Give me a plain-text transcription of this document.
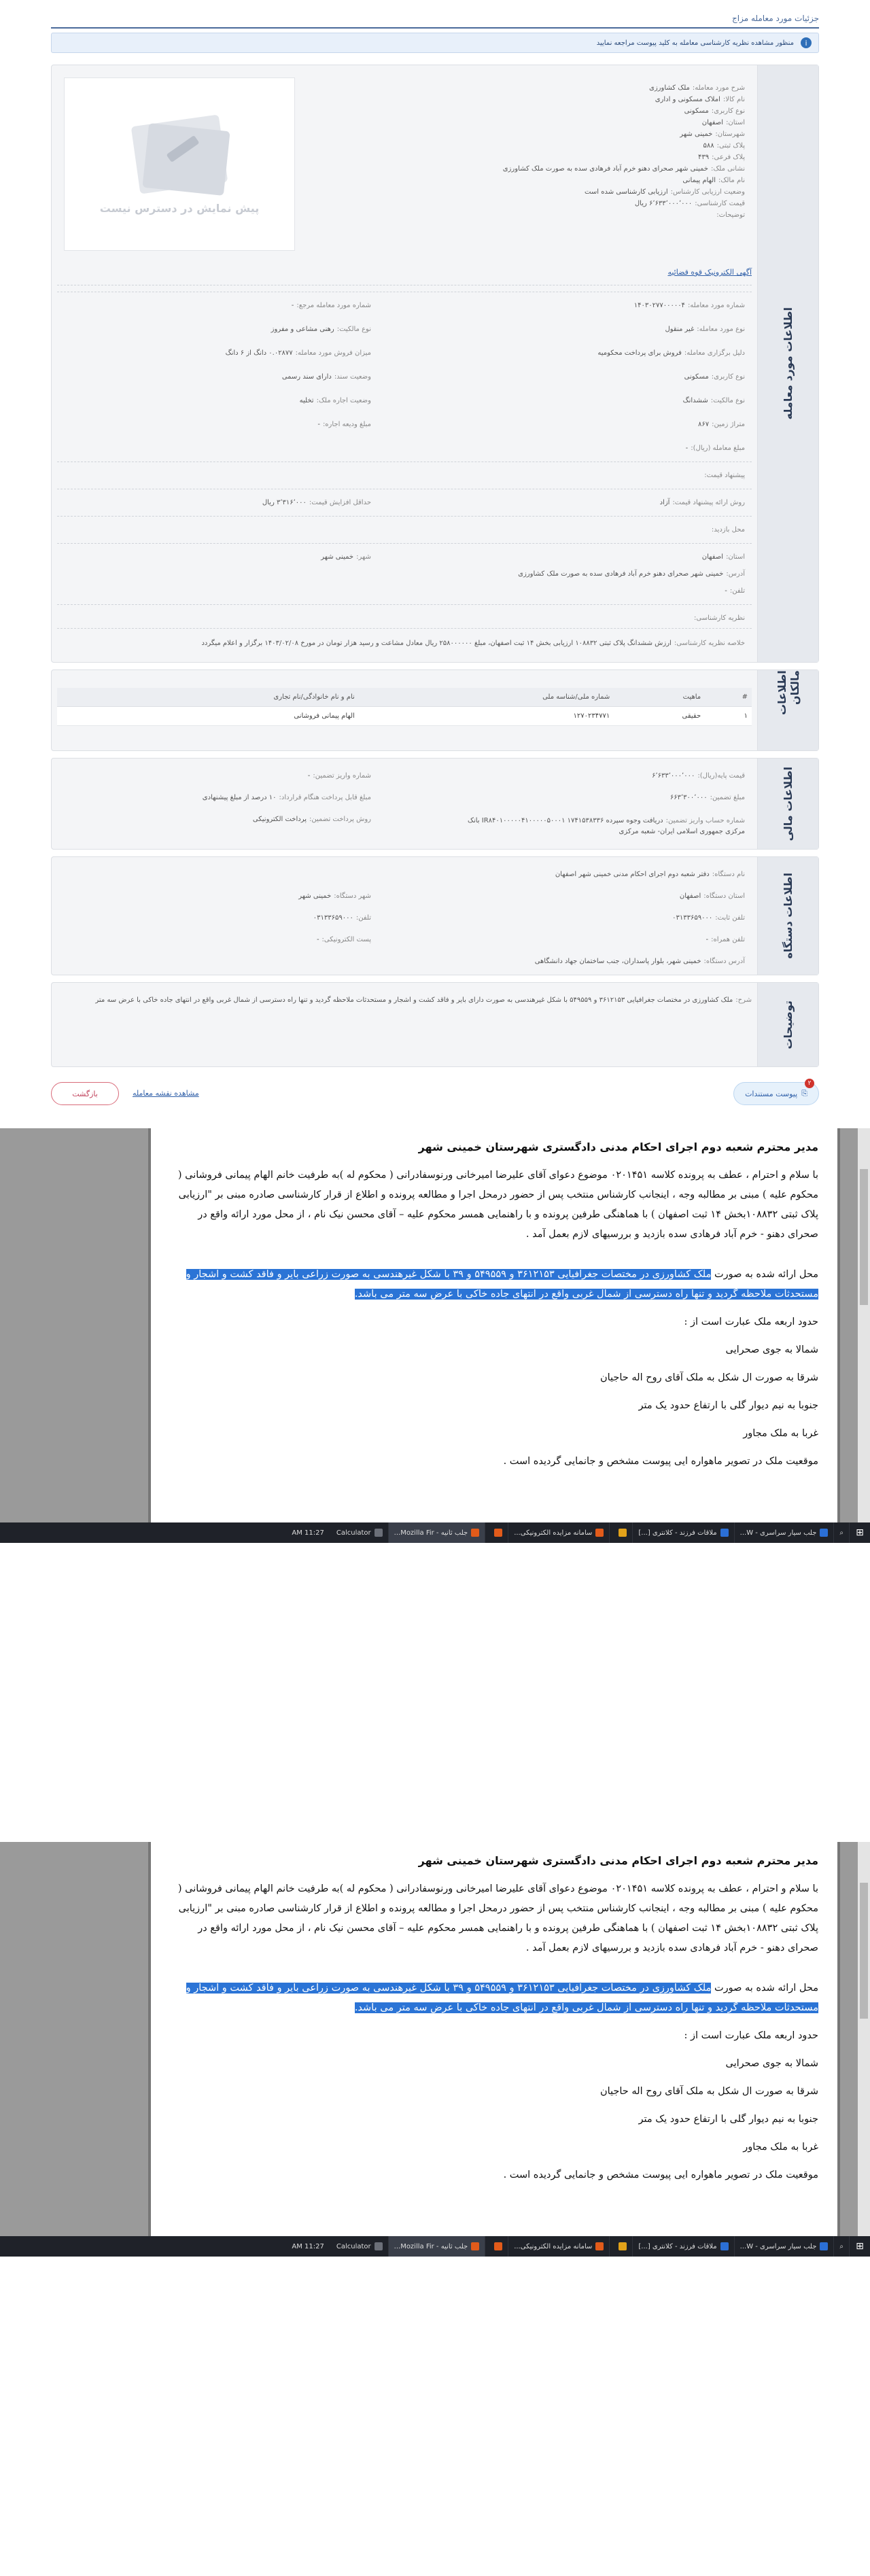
جزئیات مورد معامله مزاج
i
منظور مشاهده نظریه کارشناسی معامله به کلید پیوست مراجعه نمایید
اطلاعات مورد معامله
پیش نمایش در دسترس نیست
شرح مورد معامله:ملک کشاورزی
نام کالا:املاک مسکونی و اداری
نوع کاربری:مسکونی
استان:اصفهان
شهرستان:خمینی شهر
پلاک ثبتی:۵۸۸
پلاک فرعی:۴۳۹
نشانی ملک:خمینی شهر صحرای دهنو خرم آباد فرهادی سده به صورت ملک کشاورزی
نام مالک:الهام پیمانی
وضعیت ارزیابی کارشناس:ارزیابی کارشناسی شده است
قیمت کارشناسی:۶٬۶۳۳٬۰۰۰٬۰۰۰ ریال
توضیحات:
آگهی الکترونیک قوه قضائیه
شماره مورد معامله:۱۴۰۳۰۲۷۷۰۰۰۰۰۴
شماره مورد معامله مرجع:-
نوع مورد معامله:غیر منقول
نوع مالکیت:رهنی مشاعی و مفروز
دلیل برگزاری معامله:فروش برای پرداخت محکومیه
میزان فروش مورد معامله:۰.۰۲۸۷۷ دانگ از ۶ دانگ
نوع کاربری:مسکونی
وضعیت سند:دارای سند رسمی
نوع مالکیت:ششدانگ
وضعیت اجاره ملک:تخلیه
متراژ زمین:۸۶۷
مبلغ ودیعه اجاره:-
مبلغ معامله (ریال):-
پیشنهاد قیمت:
روش ارائه پیشنهاد قیمت:آزاد
حداقل افزایش قیمت:۳٬۳۱۶٬۰۰۰ ریال
محل بازدید:
استان:اصفهان
شهر:خمینی شهر
آدرس:خمینی شهر صحرای دهنو خرم آباد فرهادی سده به صورت ملک کشاورزی
تلفن:-
نظریه کارشناسی:
خلاصه نظریه کارشناسی:ارزش ششدانگ پلاک ثبتی ۱۰۸۸۳۲ ارزیابی بخش ۱۴ ثبت اصفهان، مبلغ ۲۵۸۰۰۰۰۰۰ ریال معادل مشاعت و رسید هزار تومان در مورخ ۱۴۰۳/۰۲/۰۸ برگزار و اعلام میگردد
اطلاعات مالکان
#	ماهیت	شماره ملی/شناسه ملی	نام و نام خانوادگی/نام تجاری
۱	حقیقی	۱۲۷۰۲۳۴۷۷۱	الهام پیمانی فروشانی
اطلاعات مالی
قیمت پایه(ریال):۶٬۶۳۳٬۰۰۰٬۰۰۰
شماره واریز تضمین:-
مبلغ تضمین:۶۶۳٬۳۰۰٬۰۰۰
مبلغ قابل پرداخت هنگام قرارداد:۱۰ درصد از مبلغ پیشنهادی
شماره حساب واریز تضمین:دریافت وجوه سپرده ۱۷۴۱۵۳۸۳۳۶ IR۸۴۰۱۰۰۰۰۰۴۱۰۰۰۰۰۵۰۰۰۱ بانک مرکزی جمهوری اسلامی ایران- شعبه مرکزی
روش پرداخت تضمین:پرداخت الکترونیکی
اطلاعات دستگاه
نام دستگاه:دفتر شعبه دوم اجرای احکام مدنی خمینی شهر اصفهان
استان دستگاه:اصفهان
شهر دستگاه:خمینی شهر
تلفن ثابت:۰۳۱۳۳۶۵۹۰۰۰
تلفن:۰۳۱۳۳۶۵۹۰۰۰
تلفن همراه:-
پست الکترونیکی:-
آدرس دستگاه:خمینی شهر، بلوار پاسداران، جنب ساختمان جهاد دانشگاهی
توضیحات
شرح:ملک کشاورزی در مختصات جغرافیایی ۳۶۱۲۱۵۳ و ۵۴۹۵۵۹ با شکل غیرهندسی به صورت دارای بایر و فاقد کشت و اشجار و مستحدثات ملاحظه گردید و تنها راه دسترسی از شمال غربی واقع در انتهای جاده خاکی با عرض سه متر
⎘
پیوست مستندات
۲
مشاهده نقشه معامله
بازگشت
مدیر محترم شعبه دوم اجرای احکام مدنی دادگستری شهرستان خمینی شهر

با سلام و احترام ، عطف به پرونده کلاسه ۰۲۰۱۴۵۱ موضوع دعوای آقای علیرضا امیرخانی ورنوسفادرانی ( محکوم له )به طرفیت خانم الهام پیمانی فروشانی ( محکوم علیه ) مبنی بر مطالبه وجه ، اینجانب کارشناس منتخب پس از حضور درمحل اجرا و مطالعه پرونده و اطلاع از قرار کارشناسی صادره مبنی بر "ارزیابی پلاک ثبتی ۱۰۸۸۳۲بخش ۱۴ ثبت اصفهان ) با هماهنگی طرفین پرونده و با راهنمایی همسر محکوم علیه – آقای محسن نیک نام ، از محل مورد ارائه واقع در صحرای دهنو - خرم آباد فرهادی سده بازدید و بررسیهای لازم بعمل آمد .

محل ارائه شده به صورت ملک کشاورزی در مختصات جغرافیایی ۳۶۱۲۱۵۳ و ۵۴۹۵۵۹ و ۳۹ با شکل غیرهندسی به صورت زراعی بایر و فاقد کشت و اشجار و مستحدثات ملاحظه گردید و تنها راه دسترسی از شمال غربی واقع در انتهای جاده خاکی با عرض سه متر می باشد.

حدود اربعه ملک عبارت است از :

شمالا به جوی صحرایی

شرقا به صورت ال شکل به ملک آقای روح اله حاجیان

جنوبا به نیم دیوار گلی با ارتفاع حدود یک متر

غربا به ملک مجاور

موقعیت ملک در تصویر ماهواره ایی پیوست مشخص و جانمایی گردیده است .

⊞
⌕
جلب سیار سراسری - W...
ملاقات فرزند - کلانتری [...]
سامانه مزایده الکترونیکی...
جلب ثانیه - Mozilla Fir...
Calculator
11:27 AM
مدیر محترم شعبه دوم اجرای احکام مدنی دادگستری شهرستان خمینی شهر

با سلام و احترام ، عطف به پرونده کلاسه ۰۲۰۱۴۵۱ موضوع دعوای آقای علیرضا امیرخانی ورنوسفادرانی ( محکوم له )به طرفیت خانم الهام پیمانی فروشانی ( محکوم علیه ) مبنی بر مطالبه وجه ، اینجانب کارشناس منتخب پس از حضور درمحل اجرا و مطالعه پرونده و اطلاع از قرار کارشناسی صادره مبنی بر "ارزیابی پلاک ثبتی ۱۰۸۸۳۲بخش ۱۴ ثبت اصفهان ) با هماهنگی طرفین پرونده و با راهنمایی همسر محکوم علیه – آقای محسن نیک نام ، از محل مورد ارائه واقع در صحرای دهنو - خرم آباد فرهادی سده بازدید و بررسیهای لازم بعمل آمد .

محل ارائه شده به صورت ملک کشاورزی در مختصات جغرافیایی ۳۶۱۲۱۵۳ و ۵۴۹۵۵۹ و ۳۹ با شکل غیرهندسی به صورت زراعی بایر و فاقد کشت و اشجار و مستحدثات ملاحظه گردید و تنها راه دسترسی از شمال غربی واقع در انتهای جاده خاکی با عرض سه متر می باشد.

حدود اربعه ملک عبارت است از :

شمالا به جوی صحرایی

شرقا به صورت ال شکل به ملک آقای روح اله حاجیان

جنوبا به نیم دیوار گلی با ارتفاع حدود یک متر

غربا به ملک مجاور

موقعیت ملک در تصویر ماهواره ایی پیوست مشخص و جانمایی گردیده است .

⊞
⌕
جلب سیار سراسری - W...
ملاقات فرزند - کلانتری [...]
سامانه مزایده الکترونیکی...
جلب ثانیه - Mozilla Fir...
Calculator
11:27 AM
